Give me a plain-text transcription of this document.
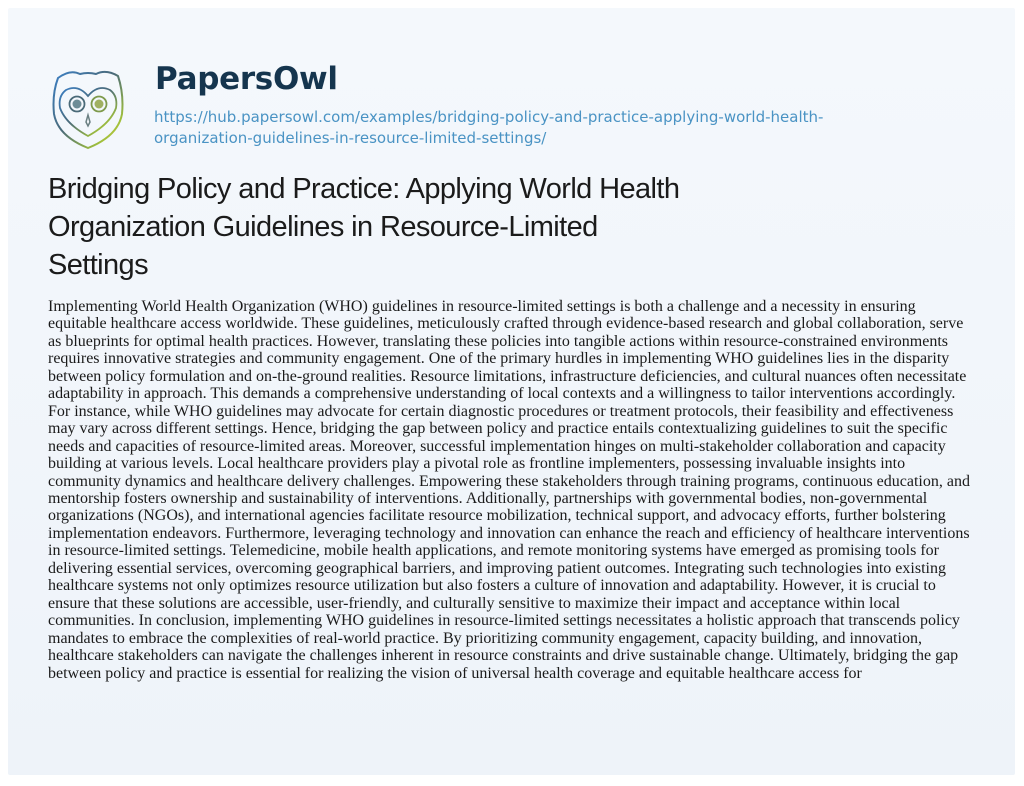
PapersOwl
https://hub.papersowl.com/examples/bridging-policy-and-practice-applying-world-health-
organization-guidelines-in-resource-limited-settings/
Bridging Policy and Practice: Applying World Health
Organization Guidelines in Resource-Limited
Settings
Implementing World Health Organization (WHO) guidelines in resource-limited settings is both a challenge and a necessity in ensuring
equitable healthcare access worldwide. These guidelines, meticulously crafted through evidence-based research and global collaboration, serve
as blueprints for optimal health practices. However, translating these policies into tangible actions within resource-constrained environments
requires innovative strategies and community engagement. One of the primary hurdles in implementing WHO guidelines lies in the disparity
between policy formulation and on-the-ground realities. Resource limitations, infrastructure deficiencies, and cultural nuances often necessitate
adaptability in approach. This demands a comprehensive understanding of local contexts and a willingness to tailor interventions accordingly.
For instance, while WHO guidelines may advocate for certain diagnostic procedures or treatment protocols, their feasibility and effectiveness
may vary across different settings. Hence, bridging the gap between policy and practice entails contextualizing guidelines to suit the specific
needs and capacities of resource-limited areas. Moreover, successful implementation hinges on multi-stakeholder collaboration and capacity
building at various levels. Local healthcare providers play a pivotal role as frontline implementers, possessing invaluable insights into
community dynamics and healthcare delivery challenges. Empowering these stakeholders through training programs, continuous education, and
mentorship fosters ownership and sustainability of interventions. Additionally, partnerships with governmental bodies, non-governmental
organizations (NGOs), and international agencies facilitate resource mobilization, technical support, and advocacy efforts, further bolstering
implementation endeavors. Furthermore, leveraging technology and innovation can enhance the reach and efficiency of healthcare interventions
in resource-limited settings. Telemedicine, mobile health applications, and remote monitoring systems have emerged as promising tools for
delivering essential services, overcoming geographical barriers, and improving patient outcomes. Integrating such technologies into existing
healthcare systems not only optimizes resource utilization but also fosters a culture of innovation and adaptability. However, it is crucial to
ensure that these solutions are accessible, user-friendly, and culturally sensitive to maximize their impact and acceptance within local
communities. In conclusion, implementing WHO guidelines in resource-limited settings necessitates a holistic approach that transcends policy
mandates to embrace the complexities of real-world practice. By prioritizing community engagement, capacity building, and innovation,
healthcare stakeholders can navigate the challenges inherent in resource constraints and drive sustainable change. Ultimately, bridging the gap
between policy and practice is essential for realizing the vision of universal health coverage and equitable healthcare access for
